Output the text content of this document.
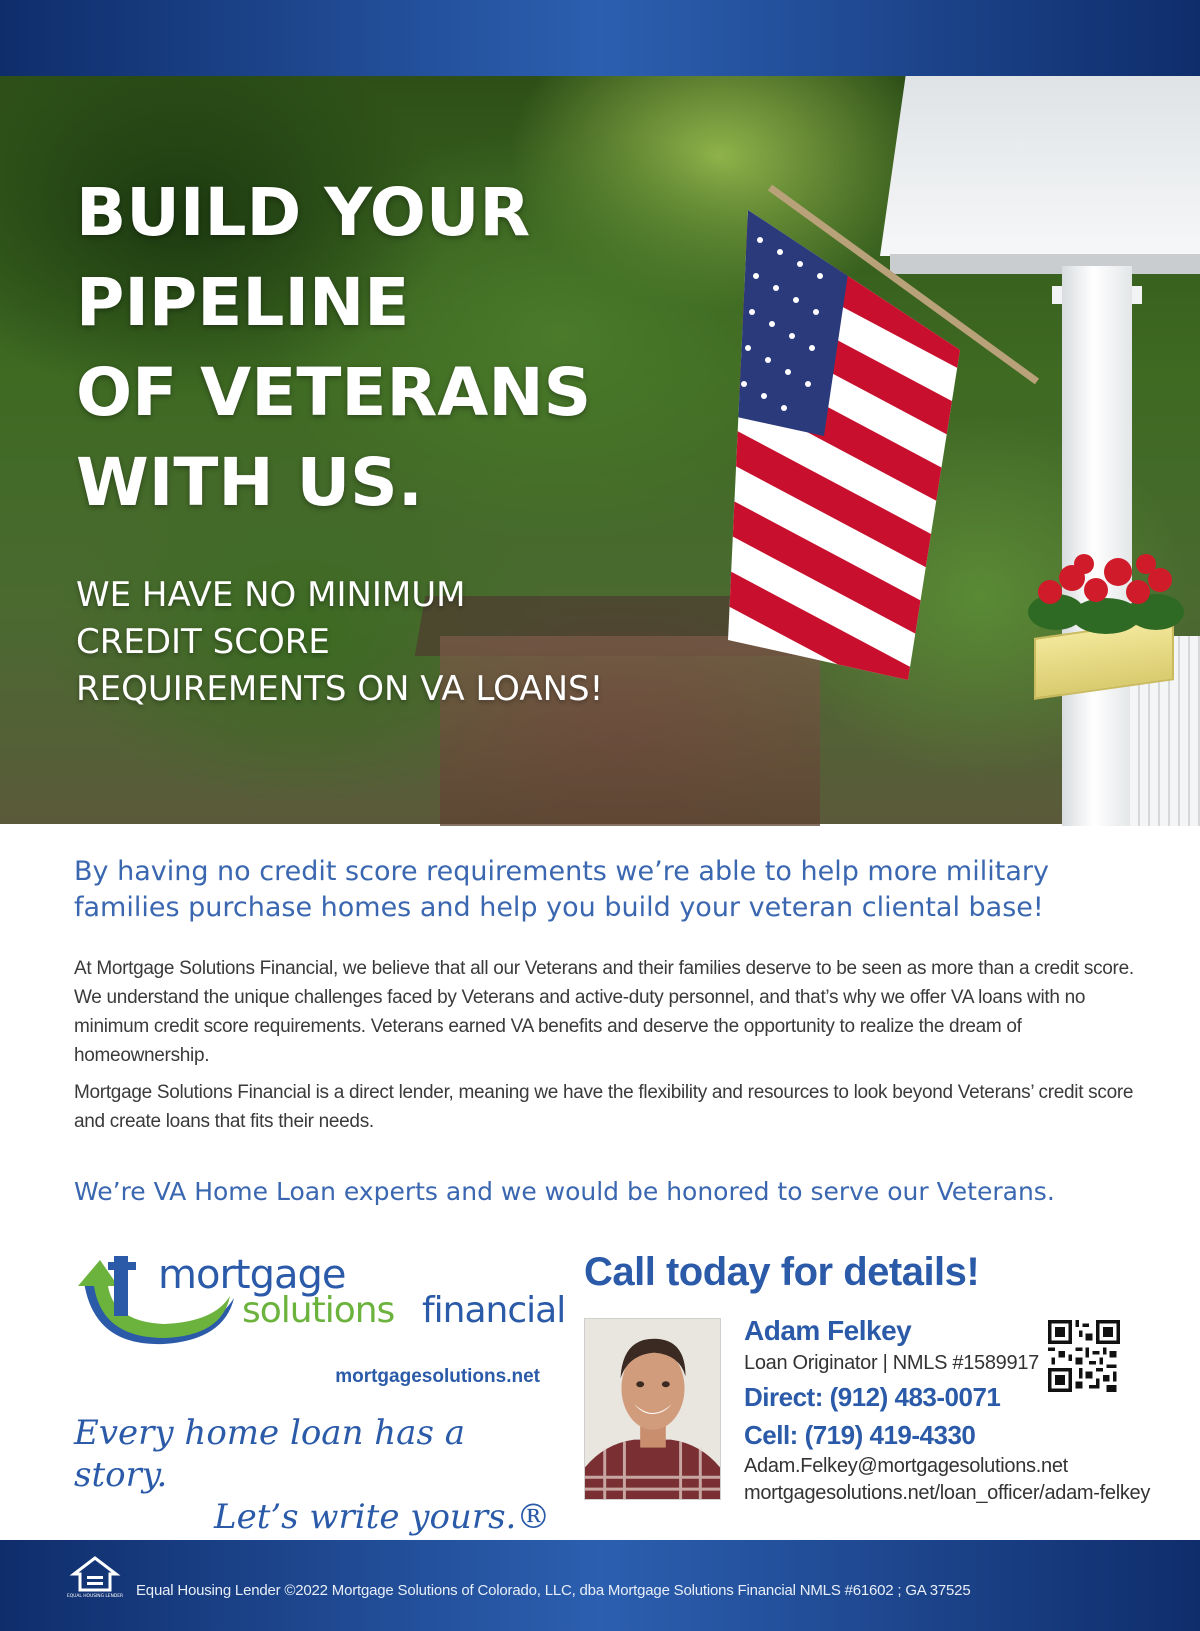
BUILD YOUR
PIPELINE
OF VETERANS
WITH US.
WE HAVE NO MINIMUM
CREDIT SCORE
REQUIREMENTS ON VA LOANS!

By having no credit score requirements we’re able to help more military families purchase homes and help you build your veteran cliental base!

At Mortgage Solutions Financial, we believe that all our Veterans and their families deserve to be seen as more than a credit score. We understand the unique challenges faced by Veterans and active-duty personnel, and that’s why we offer VA loans with no minimum credit score requirements. Veterans earned VA benefits and deserve the opportunity to realize the dream of homeownership.

Mortgage Solutions Financial is a direct lender, meaning we have the flexibility and resources to look beyond Veterans’ credit score and create loans that fits their needs.

We’re VA Home Loan experts and we would be honored to serve our Veterans.

mortgage
solutions financial
mortgagesolutions.net
Every home loan has a story.
Let’s write yours.®
Call today for details!
Adam Felkey
Loan Originator | NMLS #1589917
Direct: (912) 483-0071
Cell: (719) 419-4330
Adam.Felkey@mortgagesolutions.net
mortgagesolutions.net/loan_officer/adam-felkey
EQUAL HOUSING LENDER Equal Housing Lender ©2022 Mortgage Solutions of Colorado, LLC, dba Mortgage Solutions Financial NMLS #61602 ; GA 37525
